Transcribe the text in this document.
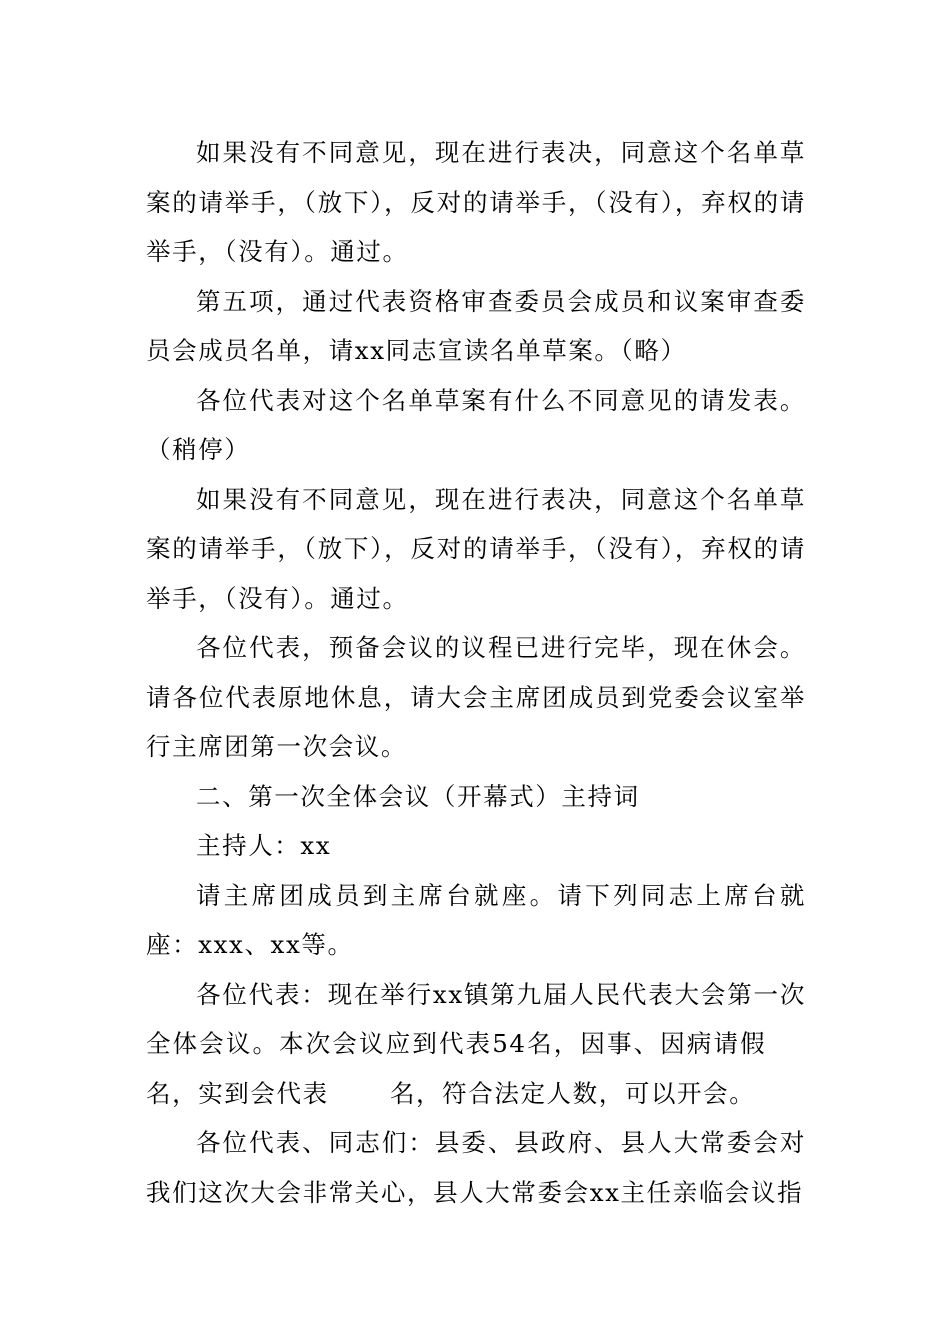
如果没有不同意见，现在进行表决，同意这个名单草案的请举手，（放下），反对的请举手，（没有），弃权的请举手，（没有）。通过。

第五项，通过代表资格审查委员会成员和议案审查委员会成员名单，请xx同志宣读名单草案。（略）

各位代表对这个名单草案有什么不同意见的请发表。（稍停）

如果没有不同意见，现在进行表决，同意这个名单草案的请举手，（放下），反对的请举手，（没有），弃权的请举手，（没有）。通过。

各位代表，预备会议的议程已进行完毕，现在休会。请各位代表原地休息，请大会主席团成员到党委会议室举行主席团第一次会议。

二、第一次全体会议（开幕式）主持词

主持人：xx

请主席团成员到主席台就座。请下列同志上席台就座：xxx、xx等。

各位代表：现在举行xx镇第九届人民代表大会第一次全体会议。本次会议应到代表54名，因事、因病请假名，实到会代表	名，符合法定人数，可以开会。

各位代表、同志们：县委、县政府、县人大常委会对我们这次大会非常关心，县人大常委会xx主任亲临会议指
